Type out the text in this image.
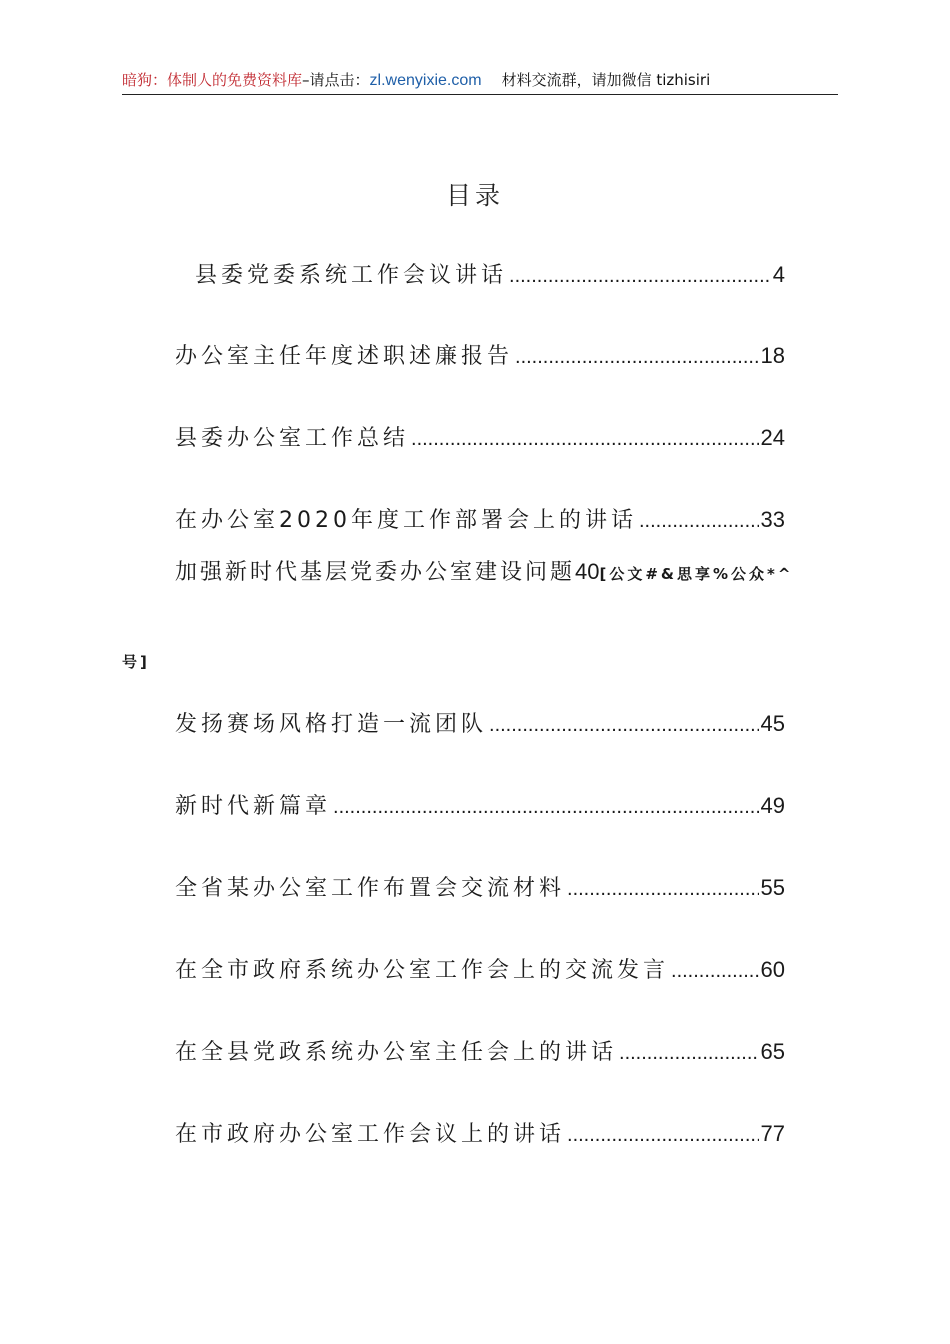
暗狗：体制人的免费资料库–请点击：zl.wenyixie.com 材料交流群，请加微信 tizhisiri
目录
县委党委系统工作会议讲话 .....	4
办公室主任年度述职述廉报告 .....	18
县委办公室工作总结 .....	24
在办公室2020年度工作部署会上的讲话 .....	33
加强新时代基层党委办公室建设问题40[公文#&思享%公众*^
号]
发扬赛场风格打造一流团队 .....	45
新时代新篇章 .....	49
全省某办公室工作布置会交流材料 .....	55
在全市政府系统办公室工作会上的交流发言 .....	60
在全县党政系统办公室主任会上的讲话 .....	65
在市政府办公室工作会议上的讲话 .....	77
